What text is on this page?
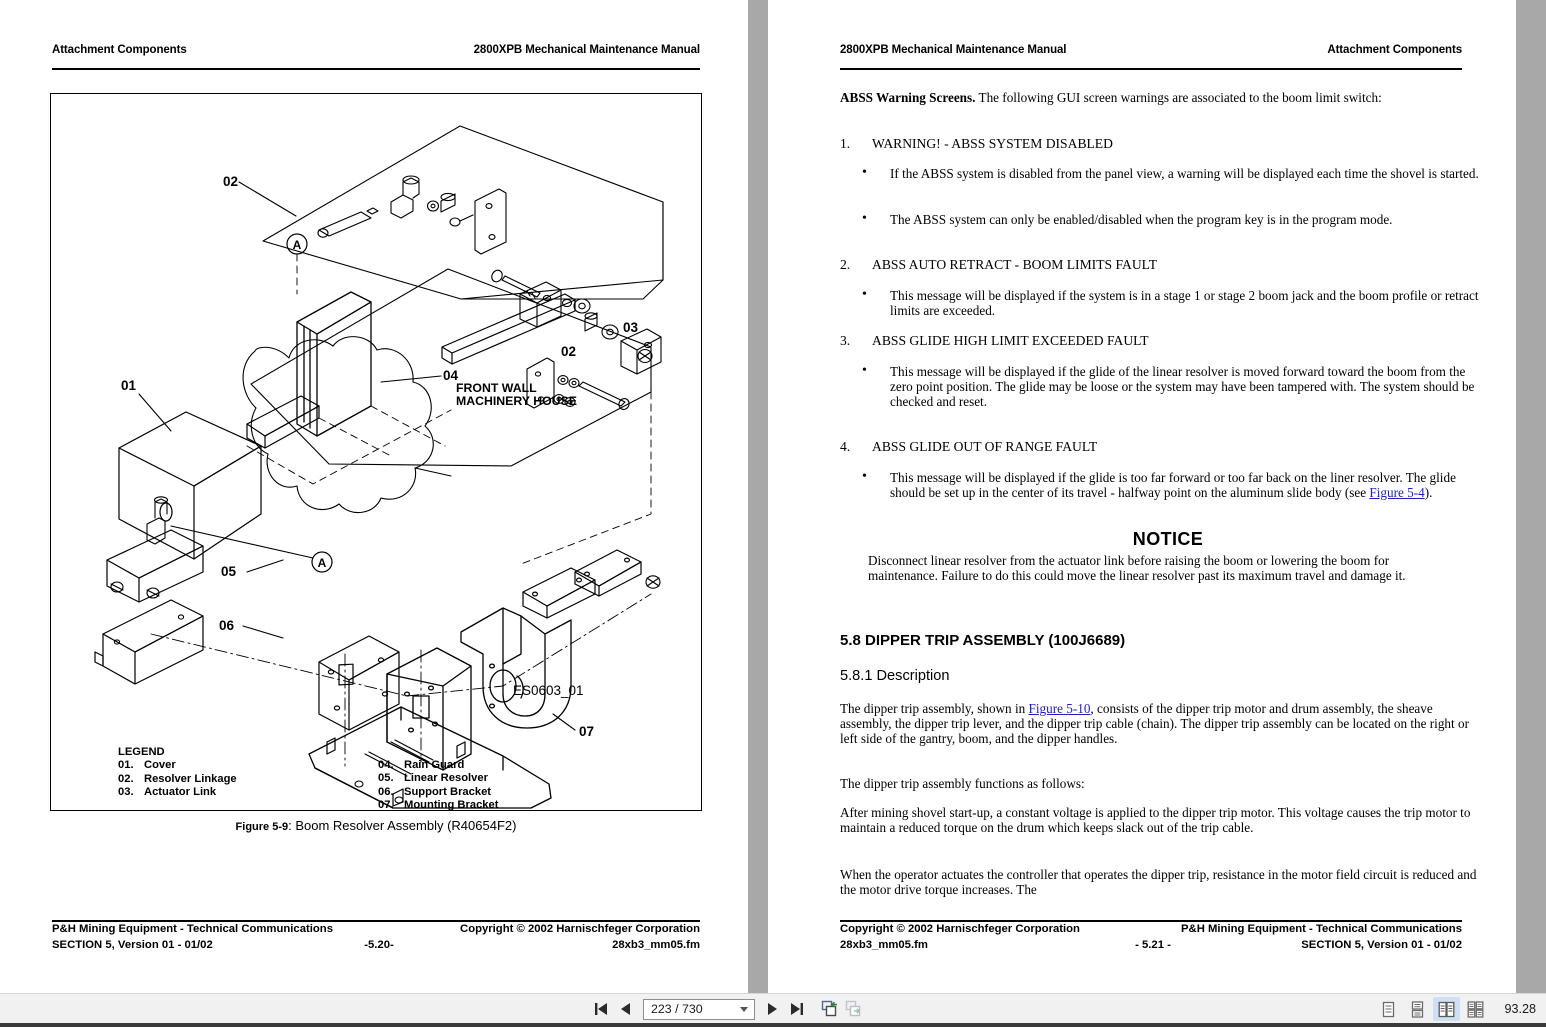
Attachment Components	2800XPB Mechanical Maintenance Manual
A
A
02
01
04
02
03
05
06
07
FRONT WALL
MACHINERY HOUSE
ES0603_01
LEGEND
01. Cover
02. Resolver Linkage
03. Actuator Link
04. Rain Guard
05. Linear Resolver
06. Support Bracket
07. Mounting Bracket
Figure 5-9: Boom Resolver Assembly (R40654F2)
P&H Mining Equipment - Technical Communications
SECTION 5, Version 01 - 01/02	-5.20-
Copyright © 2002 Harnischfeger Corporation
28xb3_mm05.fm
2800XPB Mechanical Maintenance Manual	Attachment Components
ABSS Warning Screens. The following GUI screen warnings are associated to the boom limit switch:
1.	WARNING! - ABSS SYSTEM DISABLED
• If the ABSS system is disabled from the panel view, a warning will be displayed each time the shovel is started.
• The ABSS system can only be enabled/disabled when the program key is in the program mode.
2.	ABSS AUTO RETRACT - BOOM LIMITS FAULT
• This message will be displayed if the system is in a stage 1 or stage 2 boom jack and the boom profile or retract limits are exceeded.
3.	ABSS GLIDE HIGH LIMIT EXCEEDED FAULT
• This message will be displayed if the glide of the linear resolver is moved forward toward the boom from the zero point position. The glide may be loose or the system may have been tampered with. The system should be checked and reset.
4.	ABSS GLIDE OUT OF RANGE FAULT
• This message will be displayed if the glide is too far forward or too far back on the liner resolver. The glide should be set up in the center of its travel - halfway point on the aluminum slide body (see Figure 5-4).
NOTICE
Disconnect linear resolver from the actuator link before raising the boom or lowering the boom for maintenance. Failure to do this could move the linear resolver past its maximum travel and damage it.
5.8 DIPPER TRIP ASSEMBLY (100J6689)
5.8.1 Description
The dipper trip assembly, shown in Figure 5-10, consists of the dipper trip motor and drum assembly, the sheave assembly, the dipper trip lever, and the dipper trip cable (chain). The dipper trip assembly can be located on the right or left side of the gantry, boom, and the dipper handles.
The dipper trip assembly functions as follows:
After mining shovel start-up, a constant voltage is applied to the dipper trip motor. This voltage causes the trip motor to maintain a reduced torque on the drum which keeps slack out of the trip cable.
When the operator actuates the controller that operates the dipper trip, resistance in the motor field circuit is reduced and the motor drive torque increases. The
Copyright © 2002 Harnischfeger Corporation
28xb3_mm05.fm	- 5.21 -
P&H Mining Equipment - Technical Communications
SECTION 5, Version 01 - 01/02
223 / 730	93.28
